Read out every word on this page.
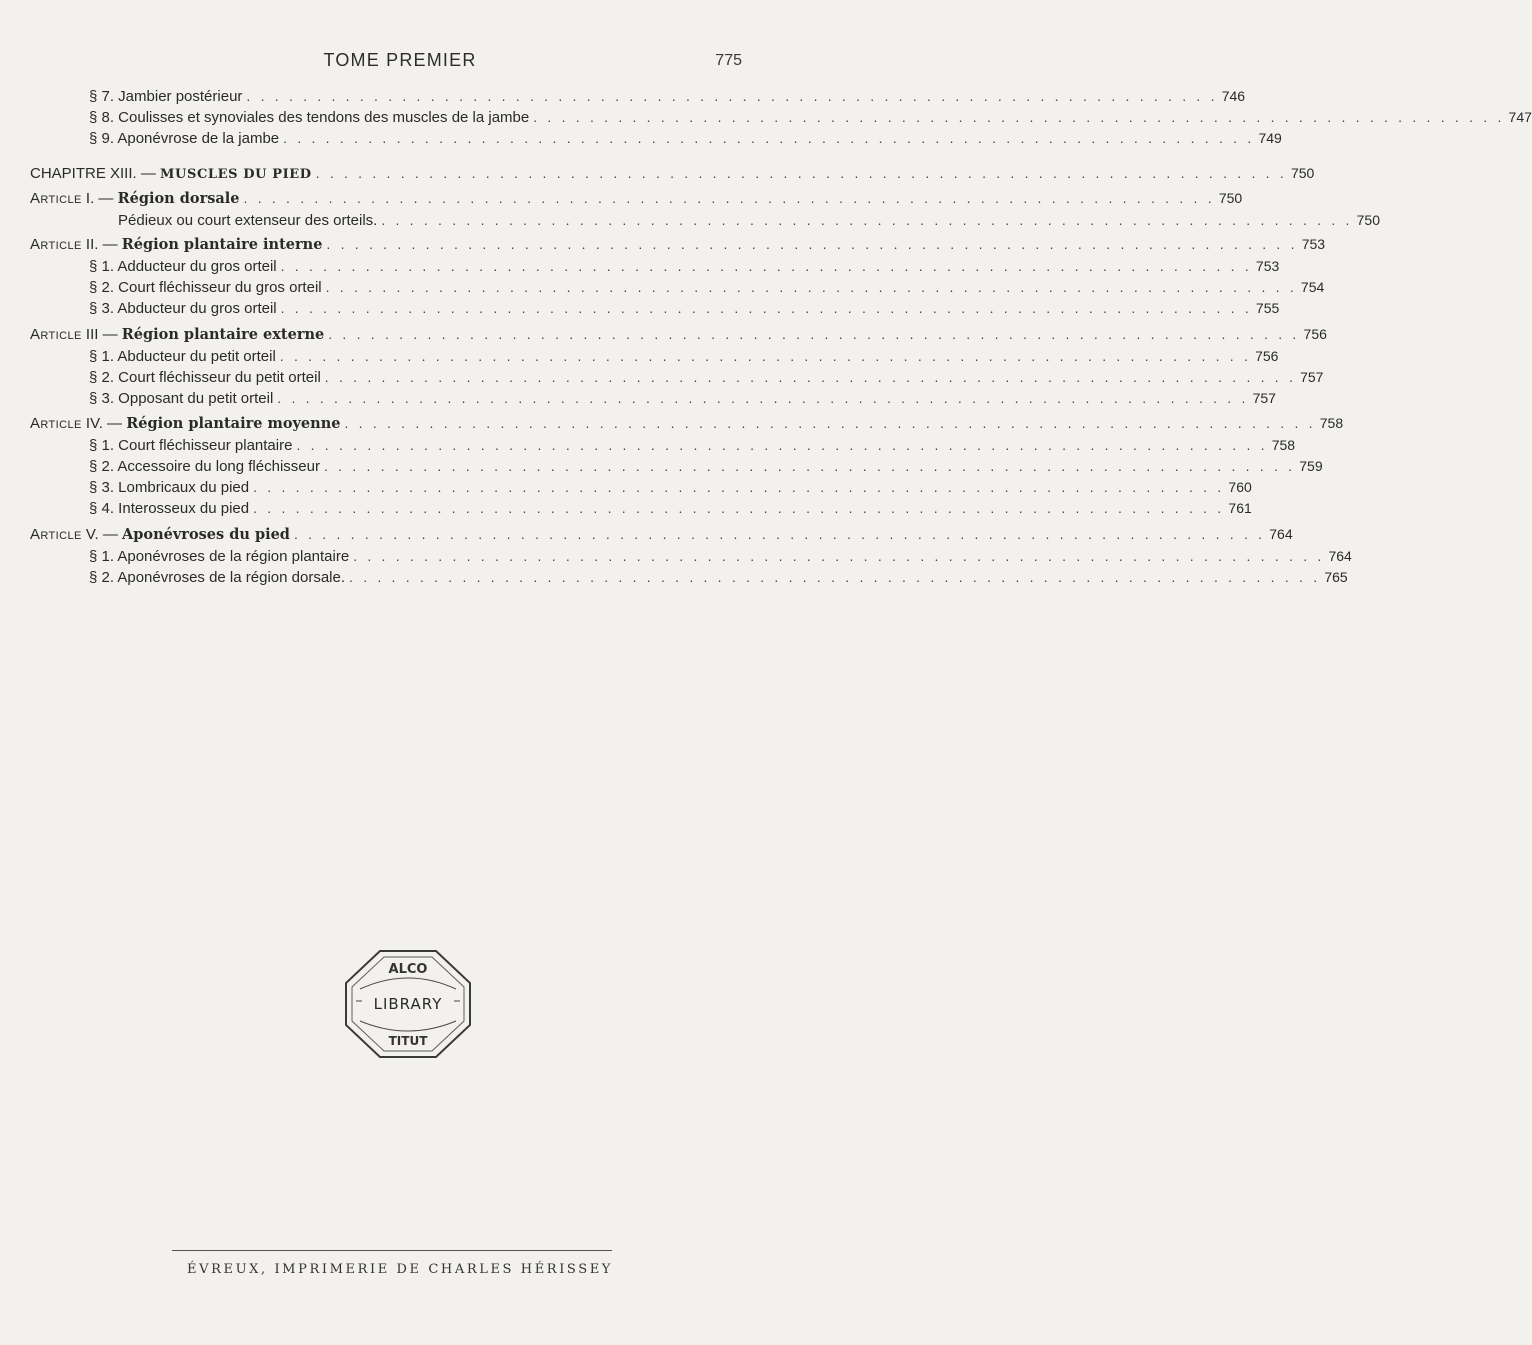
TOME PREMIER	775
§ 7. Jambier postérieur . . . . . . . . . . . . . . . . . . . . . . . . . . . . . . . . . . . . . . . . . . . . . . . . . . . . . . . . . . . . . . . . . . . . . 746
§ 8. Coulisses et synoviales des tendons des muscles de la jambe . . . . . . . . . . . . . . . . . . . . . . . . . . . . . . . . . . . . . . . . . . . . . . . . . . . . . . . . . . . . . . . . . . . . . 747
§ 9. Aponévrose de la jambe . . . . . . . . . . . . . . . . . . . . . . . . . . . . . . . . . . . . . . . . . . . . . . . . . . . . . . . . . . . . . . . . . . . . . 749
CHAPITRE XIII. — MUSCLES DU PIED . . . . . . . . . . . . . . . . . . . . . . . . . . . . . . . . . . . . . . . . . . . . . . . . . . . . . . . . . . . . . . . . . . . . . 750
Article I. — Région dorsale . . . . . . . . . . . . . . . . . . . . . . . . . . . . . . . . . . . . . . . . . . . . . . . . . . . . . . . . . . . . . . . . . . . . . 750
Pédieux ou court extenseur des orteils. . . . . . . . . . . . . . . . . . . . . . . . . . . . . . . . . . . . . . . . . . . . . . . . . . . . . . . . . . . . . . . . . . . . . . 750
Article II. — Région plantaire interne . . . . . . . . . . . . . . . . . . . . . . . . . . . . . . . . . . . . . . . . . . . . . . . . . . . . . . . . . . . . . . . . . . . . . 753
§ 1. Adducteur du gros orteil . . . . . . . . . . . . . . . . . . . . . . . . . . . . . . . . . . . . . . . . . . . . . . . . . . . . . . . . . . . . . . . . . . . . . 753
§ 2. Court fléchisseur du gros orteil . . . . . . . . . . . . . . . . . . . . . . . . . . . . . . . . . . . . . . . . . . . . . . . . . . . . . . . . . . . . . . . . . . . . . 754
§ 3. Abducteur du gros orteil . . . . . . . . . . . . . . . . . . . . . . . . . . . . . . . . . . . . . . . . . . . . . . . . . . . . . . . . . . . . . . . . . . . . . 755
Article III — Région plantaire externe . . . . . . . . . . . . . . . . . . . . . . . . . . . . . . . . . . . . . . . . . . . . . . . . . . . . . . . . . . . . . . . . . . . . . 756
§ 1. Abducteur du petit orteil . . . . . . . . . . . . . . . . . . . . . . . . . . . . . . . . . . . . . . . . . . . . . . . . . . . . . . . . . . . . . . . . . . . . . 756
§ 2. Court fléchisseur du petit orteil . . . . . . . . . . . . . . . . . . . . . . . . . . . . . . . . . . . . . . . . . . . . . . . . . . . . . . . . . . . . . . . . . . . . . 757
§ 3. Opposant du petit orteil . . . . . . . . . . . . . . . . . . . . . . . . . . . . . . . . . . . . . . . . . . . . . . . . . . . . . . . . . . . . . . . . . . . . . 757
Article IV. — Région plantaire moyenne . . . . . . . . . . . . . . . . . . . . . . . . . . . . . . . . . . . . . . . . . . . . . . . . . . . . . . . . . . . . . . . . . . . . . 758
§ 1. Court fléchisseur plantaire . . . . . . . . . . . . . . . . . . . . . . . . . . . . . . . . . . . . . . . . . . . . . . . . . . . . . . . . . . . . . . . . . . . . . 758
§ 2. Accessoire du long fléchisseur . . . . . . . . . . . . . . . . . . . . . . . . . . . . . . . . . . . . . . . . . . . . . . . . . . . . . . . . . . . . . . . . . . . . . 759
§ 3. Lombricaux du pied . . . . . . . . . . . . . . . . . . . . . . . . . . . . . . . . . . . . . . . . . . . . . . . . . . . . . . . . . . . . . . . . . . . . . 760
§ 4. Interosseux du pied . . . . . . . . . . . . . . . . . . . . . . . . . . . . . . . . . . . . . . . . . . . . . . . . . . . . . . . . . . . . . . . . . . . . . 761
Article V. — Aponévroses du pied . . . . . . . . . . . . . . . . . . . . . . . . . . . . . . . . . . . . . . . . . . . . . . . . . . . . . . . . . . . . . . . . . . . . . 764
§ 1. Aponévroses de la région plantaire . . . . . . . . . . . . . . . . . . . . . . . . . . . . . . . . . . . . . . . . . . . . . . . . . . . . . . . . . . . . . . . . . . . . . 764
§ 2. Aponévroses de la région dorsale. . . . . . . . . . . . . . . . . . . . . . . . . . . . . . . . . . . . . . . . . . . . . . . . . . . . . . . . . . . . . . . . . . . . . . 765
ALCO
LIBRARY
TITUT
ÉVREUX, IMPRIMERIE DE CHARLES HÉRISSEY
